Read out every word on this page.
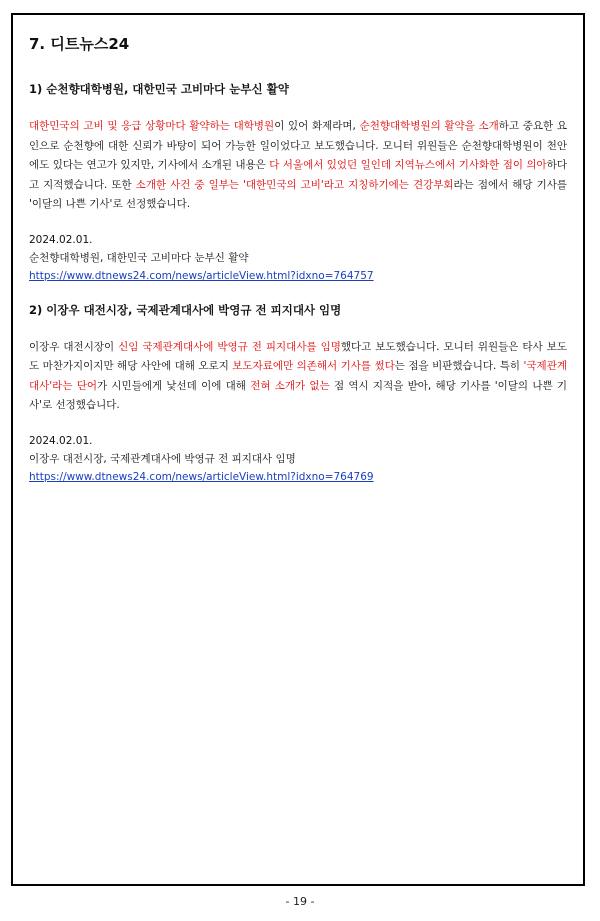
7. 디트뉴스24

1) 순천향대학병원, 대한민국 고비마다 눈부신 활약

대한민국의 고비 및 응급 상황마다 활약하는 대학병원이 있어 화제라며, 순천향대학병원의 활약을 소개하고 중요한 요인으로 순천향에 대한 신뢰가 바탕이 되어 가능한 일이었다고 보도했습니다. 모니터 위원들은 순천향대학병원이 천안에도 있다는 연고가 있지만, 기사에서 소개된 내용은 다 서울에서 있었던 일인데 지역뉴스에서 기사화한 점이 의아하다고 지적했습니다. 또한 소개한 사건 중 일부는 '대한민국의 고비'라고 지칭하기에는 견강부회라는 점에서 해당 기사를 '이달의 나쁜 기사'로 선정했습니다.

2024.02.01.

순천향대학병원, 대한민국 고비마다 눈부신 활약

https://www.dtnews24.com/news/articleView.html?idxno=764757

2) 이장우 대전시장, 국제관계대사에 박영규 전 피지대사 임명

이장우 대전시장이 신임 국제관계대사에 박영규 전 피지대사를 임명했다고 보도했습니다. 모니터 위원들은 타사 보도도 마찬가지이지만 해당 사안에 대해 오로지 보도자료에만 의존해서 기사를 썼다는 점을 비판했습니다. 특히 '국제관계대사'라는 단어가 시민들에게 낯선데 이에 대해 전혀 소개가 없는 점 역시 지적을 받아, 해당 기사를 '이달의 나쁜 기사'로 선정했습니다.

2024.02.01.

이장우 대전시장, 국제관계대사에 박영규 전 피지대사 임명

https://www.dtnews24.com/news/articleView.html?idxno=764769

- 19 -
